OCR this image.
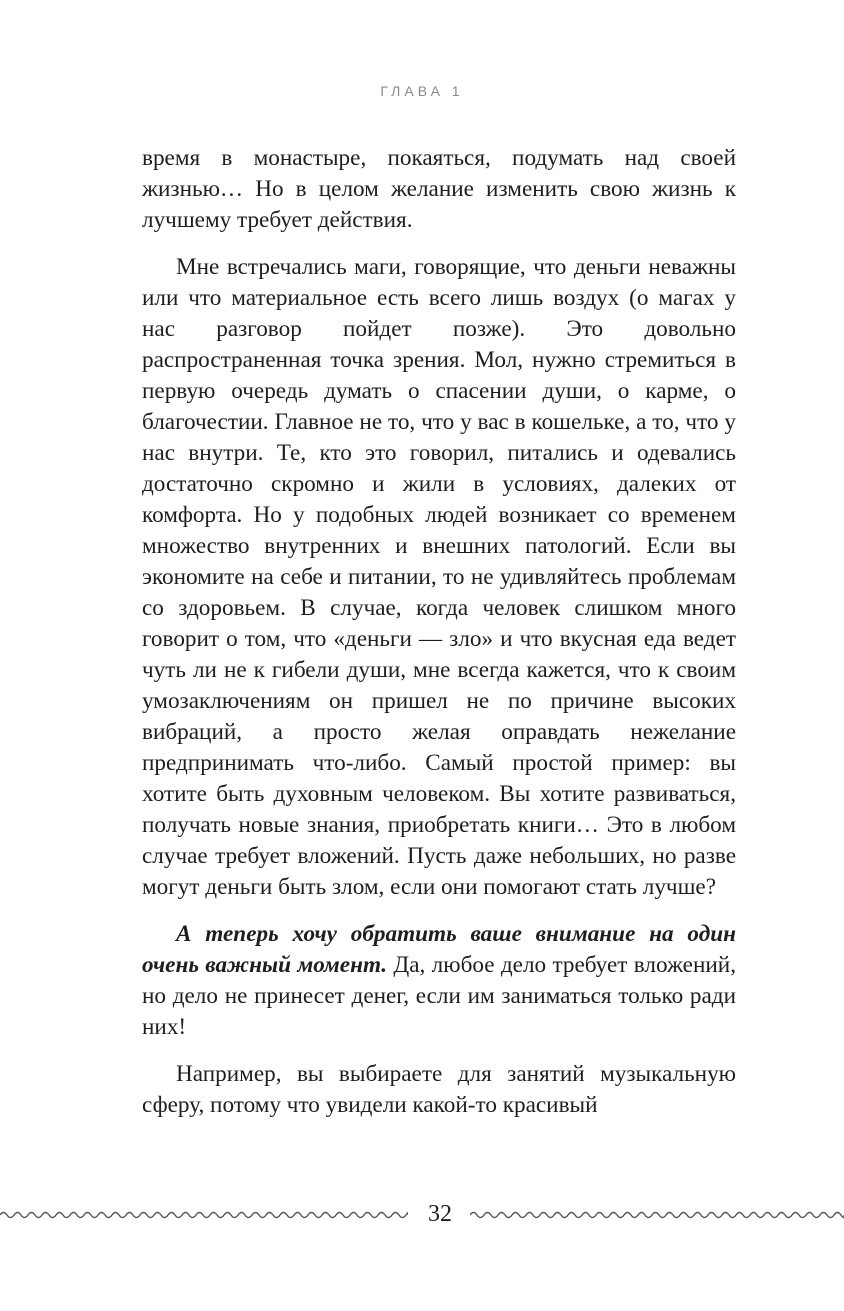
ГЛАВА 1

время в монастыре, покаяться, подумать над своей жизнью… Но в целом желание изменить свою жизнь к лучшему требует действия.

Мне встречались маги, говорящие, что деньги неважны или что материальное есть всего лишь воздух (о магах у нас разговор пойдет позже). Это довольно распространенная точка зрения. Мол, нужно стремиться в первую очередь думать о спасении души, о карме, о благочестии. Главное не то, что у вас в кошельке, а то, что у нас внутри. Те, кто это говорил, питались и одевались достаточно скромно и жили в условиях, далеких от комфорта. Но у подобных людей возникает со временем множество внутренних и внешних патологий. Если вы экономите на себе и питании, то не удивляйтесь проблемам со здоровьем. В случае, когда человек слишком много говорит о том, что «деньги — зло» и что вкусная еда ведет чуть ли не к гибели души, мне всегда кажется, что к своим умозаключениям он пришел не по причине высоких вибраций, а просто желая оправдать нежелание предпринимать что-либо. Самый простой пример: вы хотите быть духовным человеком. Вы хотите развиваться, получать новые знания, приобретать книги… Это в любом случае требует вложений. Пусть даже небольших, но разве могут деньги быть злом, если они помогают стать лучше?

А теперь хочу обратить ваше внимание на один очень важный момент. Да, любое дело требует вложений, но дело не принесет денег, если им заниматься только ради них!

Например, вы выбираете для занятий музыкальную сферу, потому что увидели какой-то красивый

32
